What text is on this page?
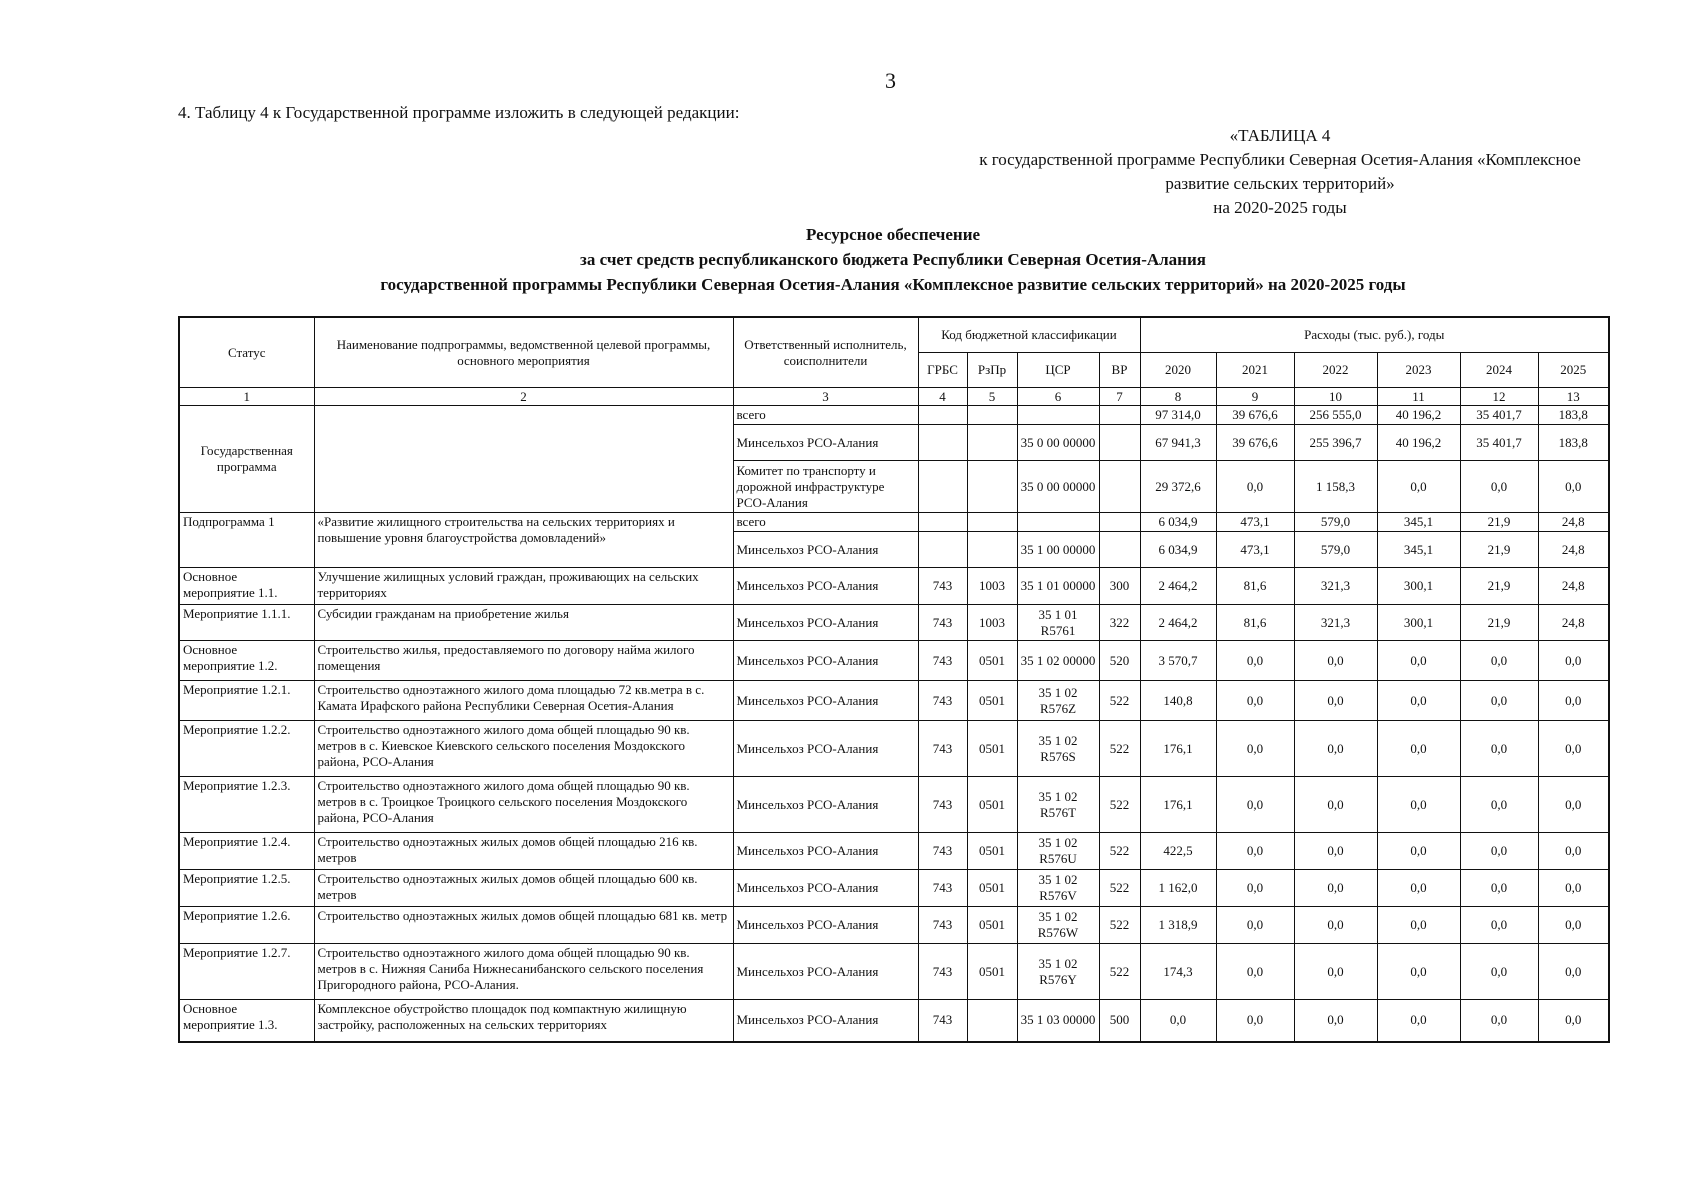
3
4. Таблицу 4 к Государственной программе изложить в следующей редакции:
«ТАБЛИЦА 4
к государственной программе Республики Северная Осетия-Алания «Комплексное
развитие сельских территорий»
на 2020-2025 годы
Ресурсное обеспечение
за счет средств республиканского бюджета Республики Северная Осетия-Алания
государственной программы Республики Северная Осетия-Алания «Комплексное развитие сельских территорий» на 2020-2025 годы
Статус	Наименование подпрограммы, ведомственной целевой программы, основного мероприятия	Ответственный исполнитель, соисполнители	Код бюджетной классификации				Расходы (тыс. руб.), годы					
			ГРБС	РзПр	ЦСР	ВР	2020	2021	2022	2023	2024	2025
1	2	3	4	5	6	7	8	9	10	11	12	13
Государственная программа		всего					97 314,0	39 676,6	256 555,0	40 196,2	35 401,7	183,8
		Минсельхоз РСО-Алания			35 0 00 00000		67 941,3	39 676,6	255 396,7	40 196,2	35 401,7	183,8
		Комитет по транспорту и дорожной инфраструктуре РСО-Алания			35 0 00 00000		29 372,6	0,0	1 158,3	0,0	0,0	0,0
Подпрограмма 1	«Развитие жилищного строительства на сельских территориях и повышение уровня благоустройства домовладений»	всего					6 034,9	473,1	579,0	345,1	21,9	24,8
		Минсельхоз РСО-Алания			35 1 00 00000		6 034,9	473,1	579,0	345,1	21,9	24,8
Основное мероприятие 1.1.	Улучшение жилищных условий граждан, проживающих на сельских территориях	Минсельхоз РСО-Алания	743	1003	35 1 01 00000	300	2 464,2	81,6	321,3	300,1	21,9	24,8
Мероприятие 1.1.1.	Субсидии гражданам на приобретение жилья	Минсельхоз РСО-Алания	743	1003	35 1 01 R5761	322	2 464,2	81,6	321,3	300,1	21,9	24,8
Основное мероприятие 1.2.	Строительство жилья, предоставляемого по договору найма жилого помещения	Минсельхоз РСО-Алания	743	0501	35 1 02 00000	520	3 570,7	0,0	0,0	0,0	0,0	0,0
Мероприятие 1.2.1.	Строительство одноэтажного жилого дома площадью 72 кв.метра в с. Камата Ирафского района Республики Северная Осетия-Алания	Минсельхоз РСО-Алания	743	0501	35 1 02 R576Z	522	140,8	0,0	0,0	0,0	0,0	0,0
Мероприятие 1.2.2.	Строительство одноэтажного жилого дома общей площадью 90 кв. метров в с. Киевское Киевского сельского поселения Моздокского района, РСО-Алания	Минсельхоз РСО-Алания	743	0501	35 1 02 R576S	522	176,1	0,0	0,0	0,0	0,0	0,0
Мероприятие 1.2.3.	Строительство одноэтажного жилого дома общей площадью 90 кв. метров в с. Троицкое Троицкого сельского поселения Моздокского района, РСО-Алания	Минсельхоз РСО-Алания	743	0501	35 1 02 R576T	522	176,1	0,0	0,0	0,0	0,0	0,0
Мероприятие 1.2.4.	Строительство одноэтажных жилых домов общей площадью 216 кв. метров	Минсельхоз РСО-Алания	743	0501	35 1 02 R576U	522	422,5	0,0	0,0	0,0	0,0	0,0
Мероприятие 1.2.5.	Строительство одноэтажных жилых домов общей площадью 600 кв. метров	Минсельхоз РСО-Алания	743	0501	35 1 02 R576V	522	1 162,0	0,0	0,0	0,0	0,0	0,0
Мероприятие 1.2.6.	Строительство одноэтажных жилых домов общей площадью 681 кв. метр	Минсельхоз РСО-Алания	743	0501	35 1 02 R576W	522	1 318,9	0,0	0,0	0,0	0,0	0,0
Мероприятие 1.2.7.	Строительство одноэтажного жилого дома общей площадью 90 кв. метров в с. Нижняя Саниба Нижнесанибанского сельского поселения Пригородного района, РСО-Алания.	Минсельхоз РСО-Алания	743	0501	35 1 02 R576Y	522	174,3	0,0	0,0	0,0	0,0	0,0
Основное мероприятие 1.3.	Комплексное обустройство площадок под компактную жилищную застройку, расположенных на сельских территориях	Минсельхоз РСО-Алания	743		35 1 03 00000	500	0,0	0,0	0,0	0,0	0,0	0,0
